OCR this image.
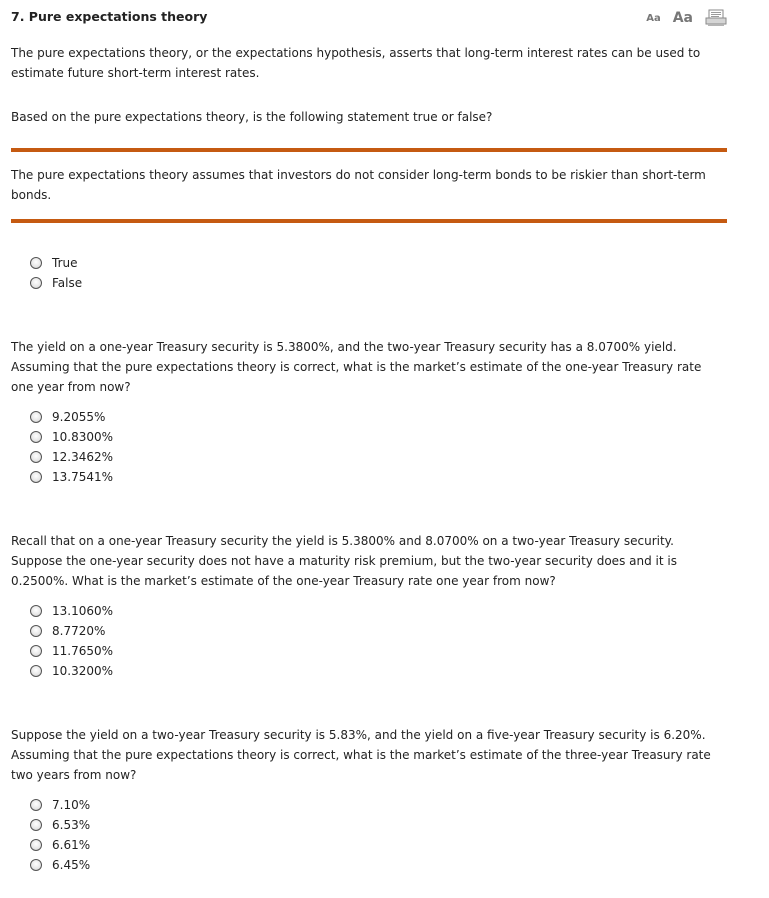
7. Pure expectations theory	Aa Aa

The pure expectations theory, or the expectations hypothesis, asserts that long-term interest rates can be used to
estimate future short-term interest rates.

Based on the pure expectations theory, is the following statement true or false?

The pure expectations theory assumes that investors do not consider long-term bonds to be riskier than short-term
bonds.

True
False

The yield on a one-year Treasury security is 5.3800%, and the two-year Treasury security has a 8.0700% yield.
Assuming that the pure expectations theory is correct, what is the market’s estimate of the one-year Treasury rate
one year from now?

9.2055%
10.8300%
12.3462%
13.7541%

Recall that on a one-year Treasury security the yield is 5.3800% and 8.0700% on a two-year Treasury security.
Suppose the one-year security does not have a maturity risk premium, but the two-year security does and it is
0.2500%. What is the market’s estimate of the one-year Treasury rate one year from now?

13.1060%
8.7720%
11.7650%
10.3200%

Suppose the yield on a two-year Treasury security is 5.83%, and the yield on a five-year Treasury security is 6.20%.
Assuming that the pure expectations theory is correct, what is the market’s estimate of the three-year Treasury rate
two years from now?

7.10%
6.53%
6.61%
6.45%
